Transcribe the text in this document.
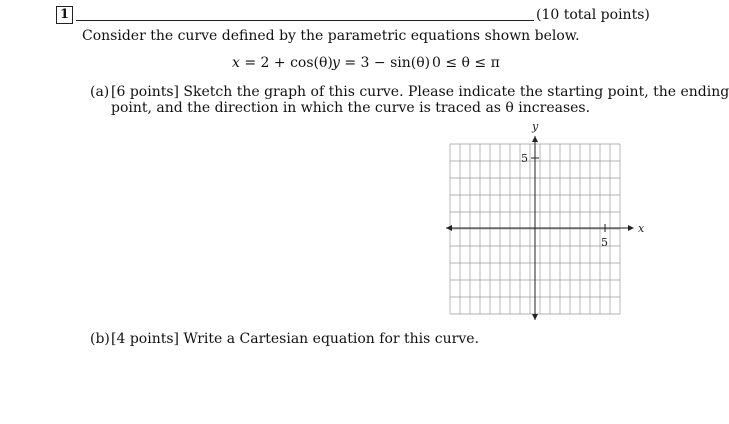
1	(10 total points)
Consider the curve defined by the parametric equations shown below.
x = 2 + cos(θ) y = 3 − sin(θ) 0 ≤ θ ≤ π
(a) [6 points] Sketch the graph of this curve. Please indicate the starting point, the ending
point, and the direction in which the curve is traced as θ increases.
x
y
5
5
(b) [4 points] Write a Cartesian equation for this curve.
